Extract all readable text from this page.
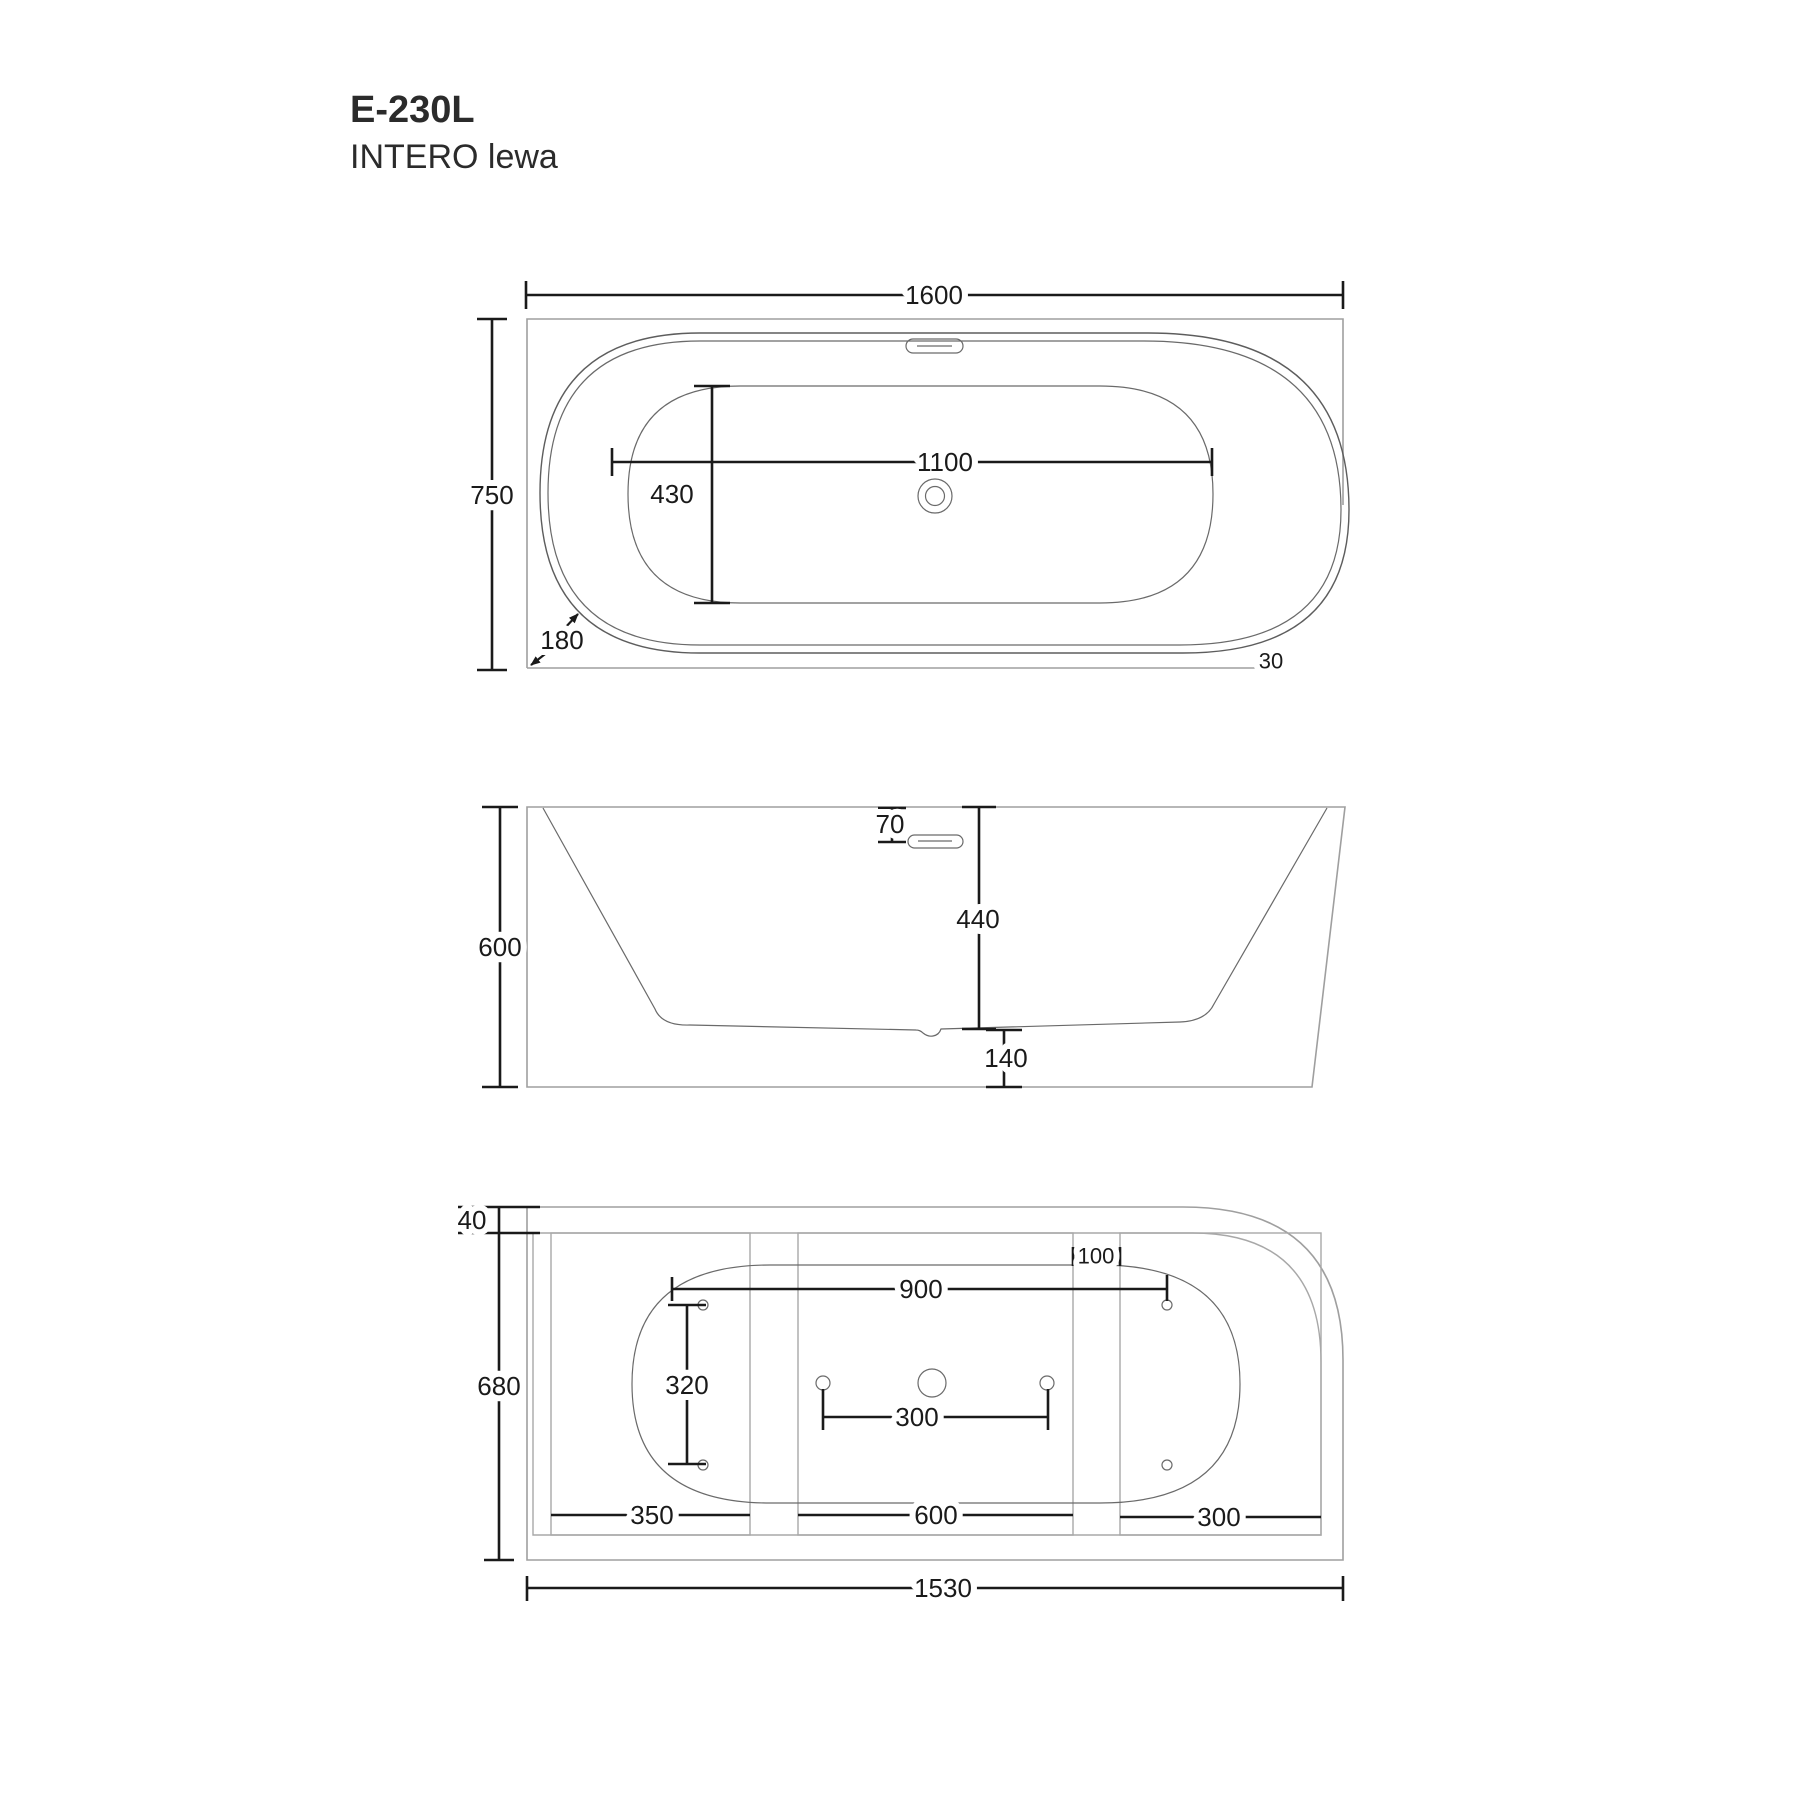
E-230L
INTERO lewa
1600
750
1100
430
180
30
600
70
440
140
40
680
900
100
320
300
350	600	300
1530
